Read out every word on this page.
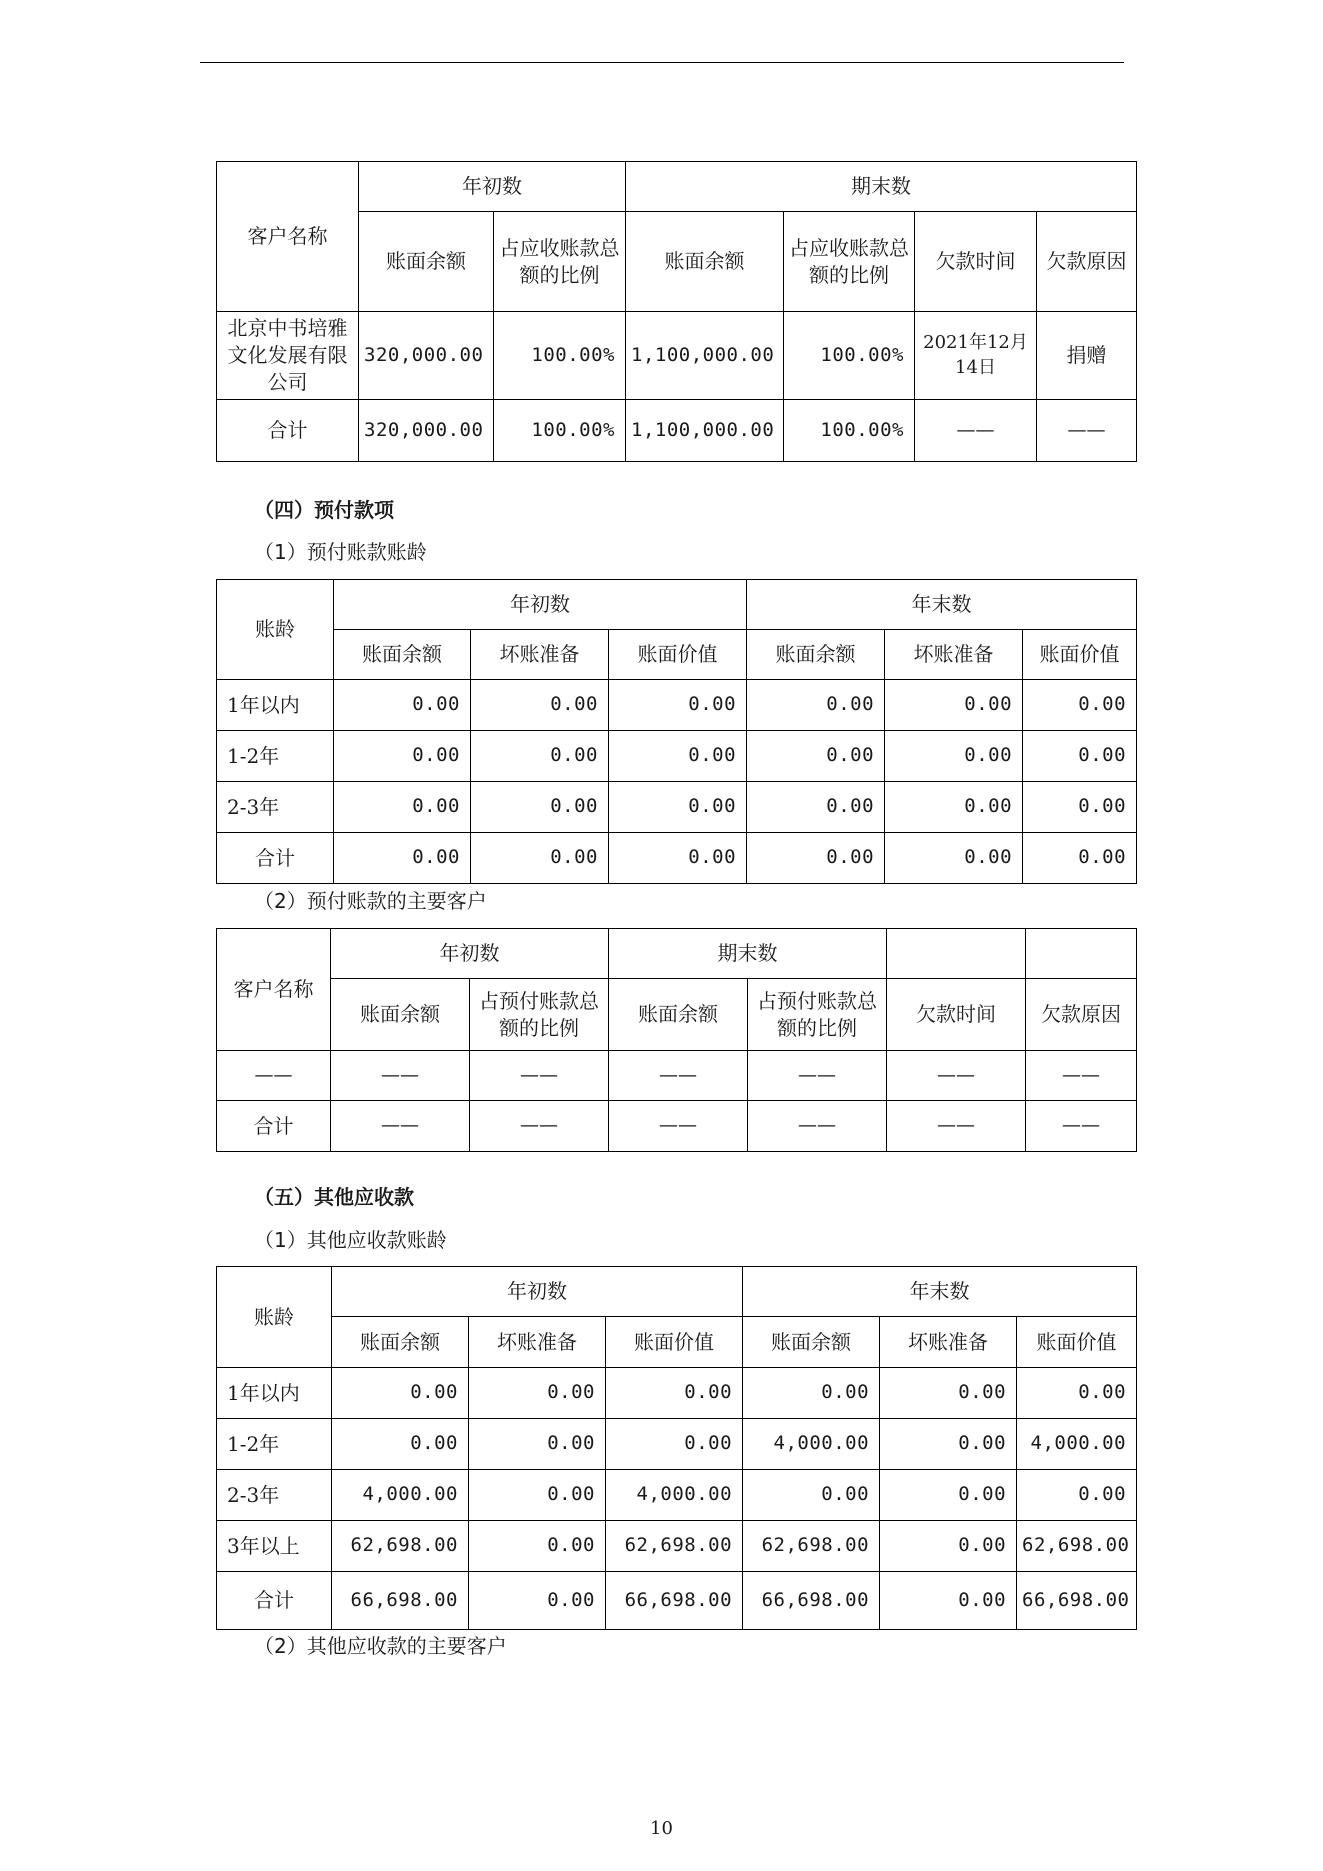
客户名称	年初数		期末数			
	账面余额	占应收账款总额的比例	账面余额	占应收账款总额的比例	欠款时间	欠款原因
北京中书培雅文化发展有限公司	320,000.00	100.00%	1,100,000.00	100.00%	2021年12月14日	捐赠
合计	320,000.00	100.00%	1,100,000.00	100.00%	——	——
（四）预付款项
（1）预付账款账龄
账龄	年初数			年末数		
	账面余额	坏账准备	账面价值	账面余额	坏账准备	账面价值
1年以内	0.00	0.00	0.00	0.00	0.00	0.00
1-2年	0.00	0.00	0.00	0.00	0.00	0.00
2-3年	0.00	0.00	0.00	0.00	0.00	0.00
合计	0.00	0.00	0.00	0.00	0.00	0.00
（2）预付账款的主要客户
客户名称	年初数		期末数			
	账面余额	占预付账款总额的比例	账面余额	占预付账款总额的比例	欠款时间	欠款原因
——	——	——	——	——	——	——
合计	——	——	——	——	——	——
（五）其他应收款
（1）其他应收款账龄
账龄	年初数			年末数		
	账面余额	坏账准备	账面价值	账面余额	坏账准备	账面价值
1年以内	0.00	0.00	0.00	0.00	0.00	0.00
1-2年	0.00	0.00	0.00	4,000.00	0.00	4,000.00
2-3年	4,000.00	0.00	4,000.00	0.00	0.00	0.00
3年以上	62,698.00	0.00	62,698.00	62,698.00	0.00	62,698.00
合计	66,698.00	0.00	66,698.00	66,698.00	0.00	66,698.00
（2）其他应收款的主要客户
10
